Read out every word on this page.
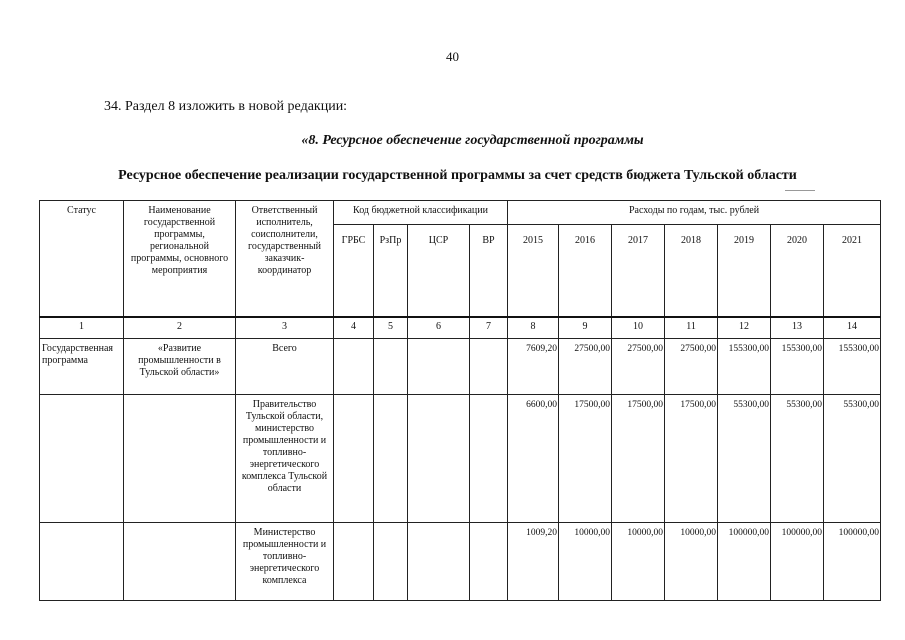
40
34. Раздел 8 изложить в новой редакции:
«8. Ресурсное обеспечение государственной программы
Ресурсное обеспечение реализации государственной программы за счет средств бюджета Тульской области
Статус	Наименование государственной программы, региональной программы, основного мероприятия	Ответственный исполнитель, соисполнители, государственный заказчик-координатор	Код бюджетной классификации				Расходы по годам, тыс. рублей						
			ГРБС	РзПр	ЦСР	ВР	2015	2016	2017	2018	2019	2020	2021
1	2	3	4	5	6	7	8	9	10	11	12	13	14
Государственная программа	«Развитие промышленности в Тульской области»	Всего					7609,20	27500,00	27500,00	27500,00	155300,00	155300,00	155300,00
		Правительство Тульской области, министерство промышленности и топливно-энергетического комплекса Тульской области					6600,00	17500,00	17500,00	17500,00	55300,00	55300,00	55300,00
		Министерство промышленности и топливно-энергетического комплекса					1009,20	10000,00	10000,00	10000,00	100000,00	100000,00	100000,00
